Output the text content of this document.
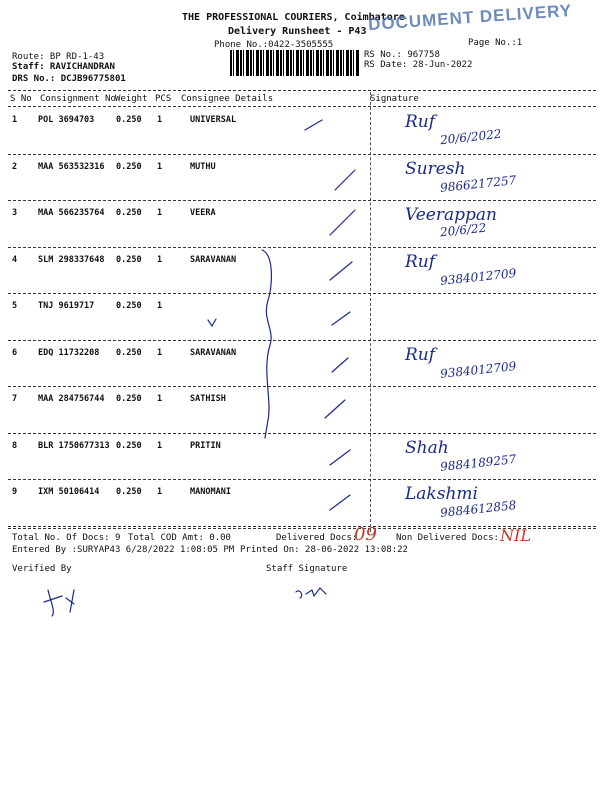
THE PROFESSIONAL COURIERS, Coimbatore
Delivery Runsheet - P43
Phone No.:0422-3505555	Page No.:1
DOCUMENT DELIVERY
Route: BP RD-1-43
Staff: RAVICHANDRAN
DRS No.: DCJB96775801
RS No.: 967758
RS Date: 28-Jun-2022
S No Consignment No Weight PCS Consignee Details	Signature
1 POL 3694703	0.250 1	UNIVERSAL	Ruf
20/6/2022
2 MAA 563532316 0.250 1	MUTHU	Suresh
9866217257
3 MAA 566235764 0.250 1	VEERA	Veerappan
20/6/22
4 SLM 298337648 0.250 1	SARAVANAN	Ruf
9384012709
5 TNJ 9619717	0.250 1
6 EDQ 11732208 0.250 1	SARAVANAN	Ruf
9384012709
7 MAA 284756744 0.250 1	SATHISH
8 BLR 1750677313 0.250 1	PRITIN	Shah
9884189257
9 IXM 50106414 0.250 1	MANOMANI	Lakshmi
9884612858
Total No. Of Docs: 9 Total COD Amt: 0.00	Delivered Docs:
09 Non Delivered Docs: NIL
Entered By :SURYAP43 6/28/2022 1:08:05 PM Printed On: 28-06-2022 13:08:22
Verified By	Staff Signature
